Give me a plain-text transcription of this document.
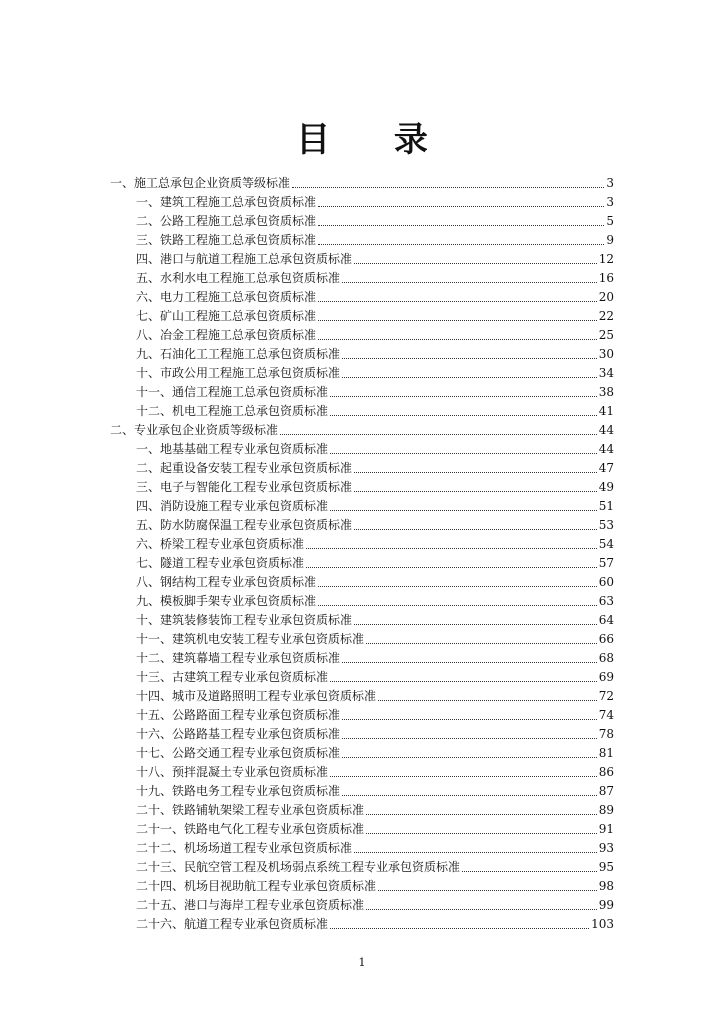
目 录
一、施工总承包企业资质等级标准	3
一、建筑工程施工总承包资质标准	3
二、公路工程施工总承包资质标准	5
三、铁路工程施工总承包资质标准	9
四、港口与航道工程施工总承包资质标准	12
五、水利水电工程施工总承包资质标准	16
六、电力工程施工总承包资质标准	20
七、矿山工程施工总承包资质标准	22
八、冶金工程施工总承包资质标准	25
九、石油化工工程施工总承包资质标准	30
十、市政公用工程施工总承包资质标准	34
十一、通信工程施工总承包资质标准	38
十二、机电工程施工总承包资质标准	41
二、专业承包企业资质等级标准	44
一、地基基础工程专业承包资质标准	44
二、起重设备安装工程专业承包资质标准	47
三、电子与智能化工程专业承包资质标准	49
四、消防设施工程专业承包资质标准	51
五、防水防腐保温工程专业承包资质标准	53
六、桥梁工程专业承包资质标准	54
七、隧道工程专业承包资质标准	57
八、钢结构工程专业承包资质标准	60
九、模板脚手架专业承包资质标准	63
十、建筑装修装饰工程专业承包资质标准	64
十一、建筑机电安装工程专业承包资质标准	66
十二、建筑幕墙工程专业承包资质标准	68
十三、古建筑工程专业承包资质标准	69
十四、城市及道路照明工程专业承包资质标准	72
十五、公路路面工程专业承包资质标准	74
十六、公路路基工程专业承包资质标准	78
十七、公路交通工程专业承包资质标准	81
十八、预拌混凝土专业承包资质标准	86
十九、铁路电务工程专业承包资质标准	87
二十、铁路铺轨架梁工程专业承包资质标准	89
二十一、铁路电气化工程专业承包资质标准	91
二十二、机场场道工程专业承包资质标准	93
二十三、民航空管工程及机场弱点系统工程专业承包资质标准	95
二十四、机场目视助航工程专业承包资质标准	98
二十五、港口与海岸工程专业承包资质标准	99
二十六、航道工程专业承包资质标准	103
1
